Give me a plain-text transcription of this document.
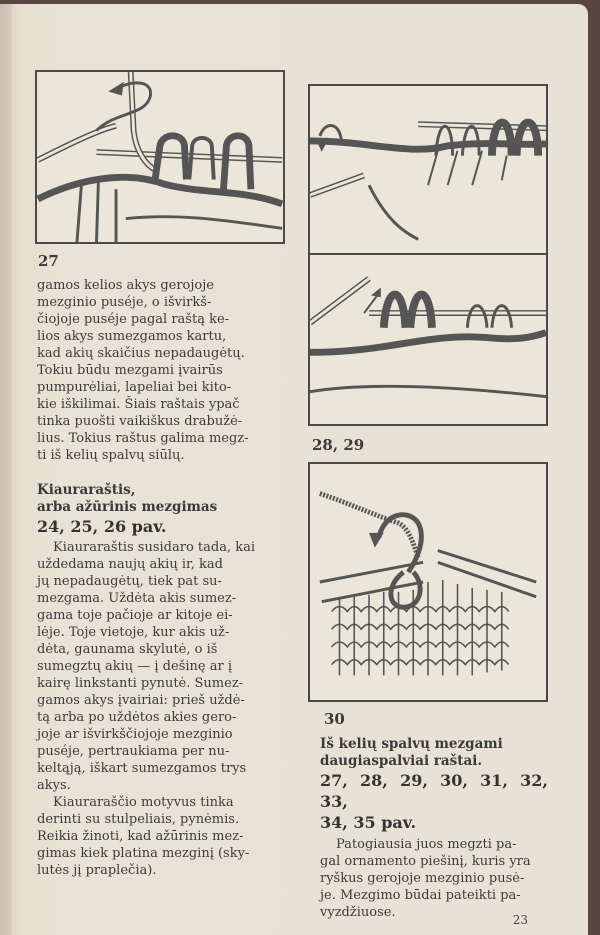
27
28, 29
30

gamos kelios akys gerojoje
mezginio puséje, o išvirkš-
čiojoje puséje pagal raštą ke-
lios akys sumezgamos kartu,
kad akių skaičius nepadaugėtų.
Tokiu būdu mezgami įvairūs
pumpurėliai, lapeliai bei kito-
kie iškilimai. Šiais raštais ypač
tinka puošti vaikiškus drabužė-
lius. Tokius raštus galima megz-
ti iš kelių spalvų siūlų.

Kiauraraštis,
arba ažūrinis mezgimas
24, 25, 26 pav.

Kiauraraštis susidaro tada, kai
uždedama naujų akių ir, kad
jų nepadaugėtų, tiek pat su-
mezgama. Uždėta akis sumez-
gama toje pačioje ar kitoje ei-
lėje. Toje vietoje, kur akis už-
dėta, gaunama skylutė, o iš
sumegztų akių — į dešinę ar į
kairę linkstanti pynutė. Sumez-
gamos akys įvairiai: prieš uždė-
tą arba po uždėtos akies gero-
joje ar išvirkščiojoje mezginio
puséje, pertraukiama per nu-
keltąją, iškart sumezgamos trys
akys.

Kiauraraščio motyvus tinka
derinti su stulpeliais, pynėmis.
Reikia žinoti, kad ažūrinis mez-
gimas kiek platina mezginį (sky-
lutės jį praplečia).

Iš kelių spalvų mezgami
daugiaspalviai raštai.
27, 28, 29, 30, 31, 32, 33,
34, 35 pav.

Patogiausia juos megzti pa-
gal ornamento piešinį, kuris yra
ryškus gerojoje mezginio pusė-
je. Mezgimo būdai pateikti pa-
vyzdžiuose.	23
